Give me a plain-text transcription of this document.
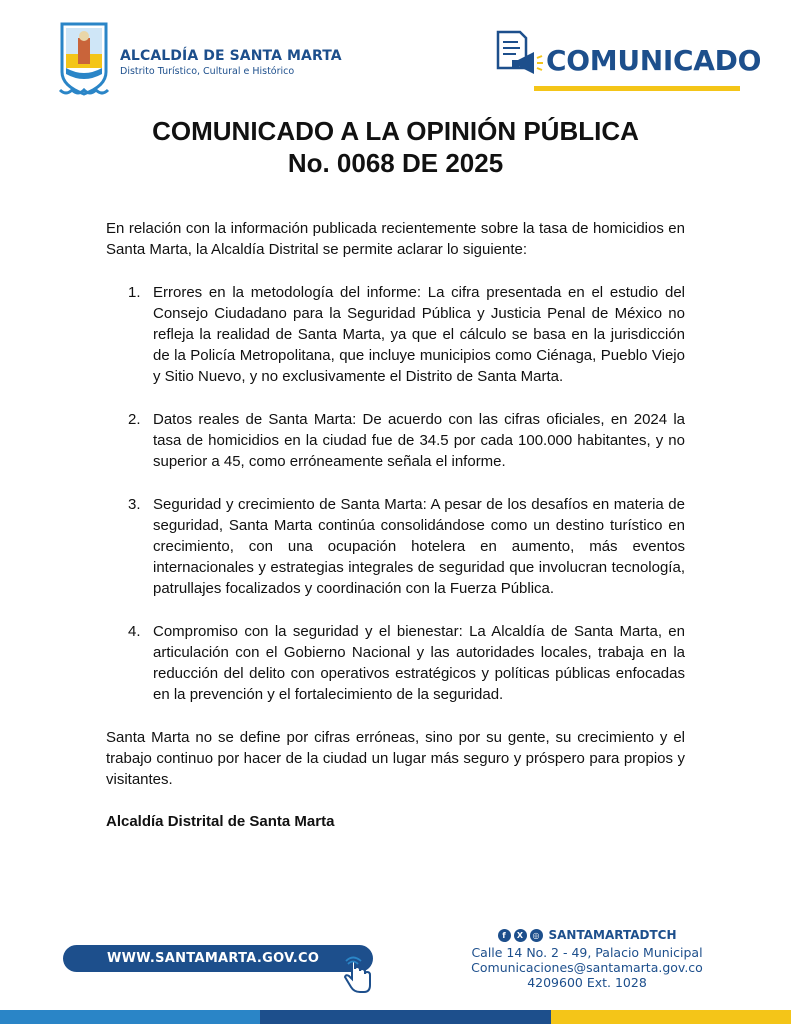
ALCALDÍA DE SANTA MARTA
Distrito Turístico, Cultural e Histórico	COMUNICADO
COMUNICADO A LA OPINIÓN PÚBLICA
No. 0068 DE 2025

En relación con la información publicada recientemente sobre la tasa de homicidios en Santa Marta, la Alcaldía Distrital se permite aclarar lo siguiente:

1. Errores en la metodología del informe: La cifra presentada en el estudio del Consejo Ciudadano para la Seguridad Pública y Justicia Penal de México no refleja la realidad de Santa Marta, ya que el cálculo se basa en la jurisdicción de la Policía Metropolitana, que incluye municipios como Ciénaga, Pueblo Viejo y Sitio Nuevo, y no exclusivamente el Distrito de Santa Marta.
2. Datos reales de Santa Marta: De acuerdo con las cifras oficiales, en 2024 la tasa de homicidios en la ciudad fue de 34.5 por cada 100.000 habitantes, y no superior a 45, como erróneamente señala el informe.
3. Seguridad y crecimiento de Santa Marta: A pesar de los desafíos en materia de seguridad, Santa Marta continúa consolidándose como un destino turístico en crecimiento, con una ocupación hotelera en aumento, más eventos internacionales y estrategias integrales de seguridad que involucran tecnología, patrullajes focalizados y coordinación con la Fuerza Pública.
4. Compromiso con la seguridad y el bienestar: La Alcaldía de Santa Marta, en articulación con el Gobierno Nacional y las autoridades locales, trabaja en la reducción del delito con operativos estratégicos y políticas públicas enfocadas en la prevención y el fortalecimiento de la seguridad.

Santa Marta no se define por cifras erróneas, sino por su gente, su crecimiento y el trabajo continuo por hacer de la ciudad un lugar más seguro y próspero para propios y visitantes.

Alcaldía Distrital de Santa Marta

WWW.SANTAMARTA.GOV.CO
f	X	◎ SANTAMARTADTCH
Calle 14 No. 2 - 49, Palacio Municipal
Comunicaciones@santamarta.gov.co
4209600 Ext. 1028
